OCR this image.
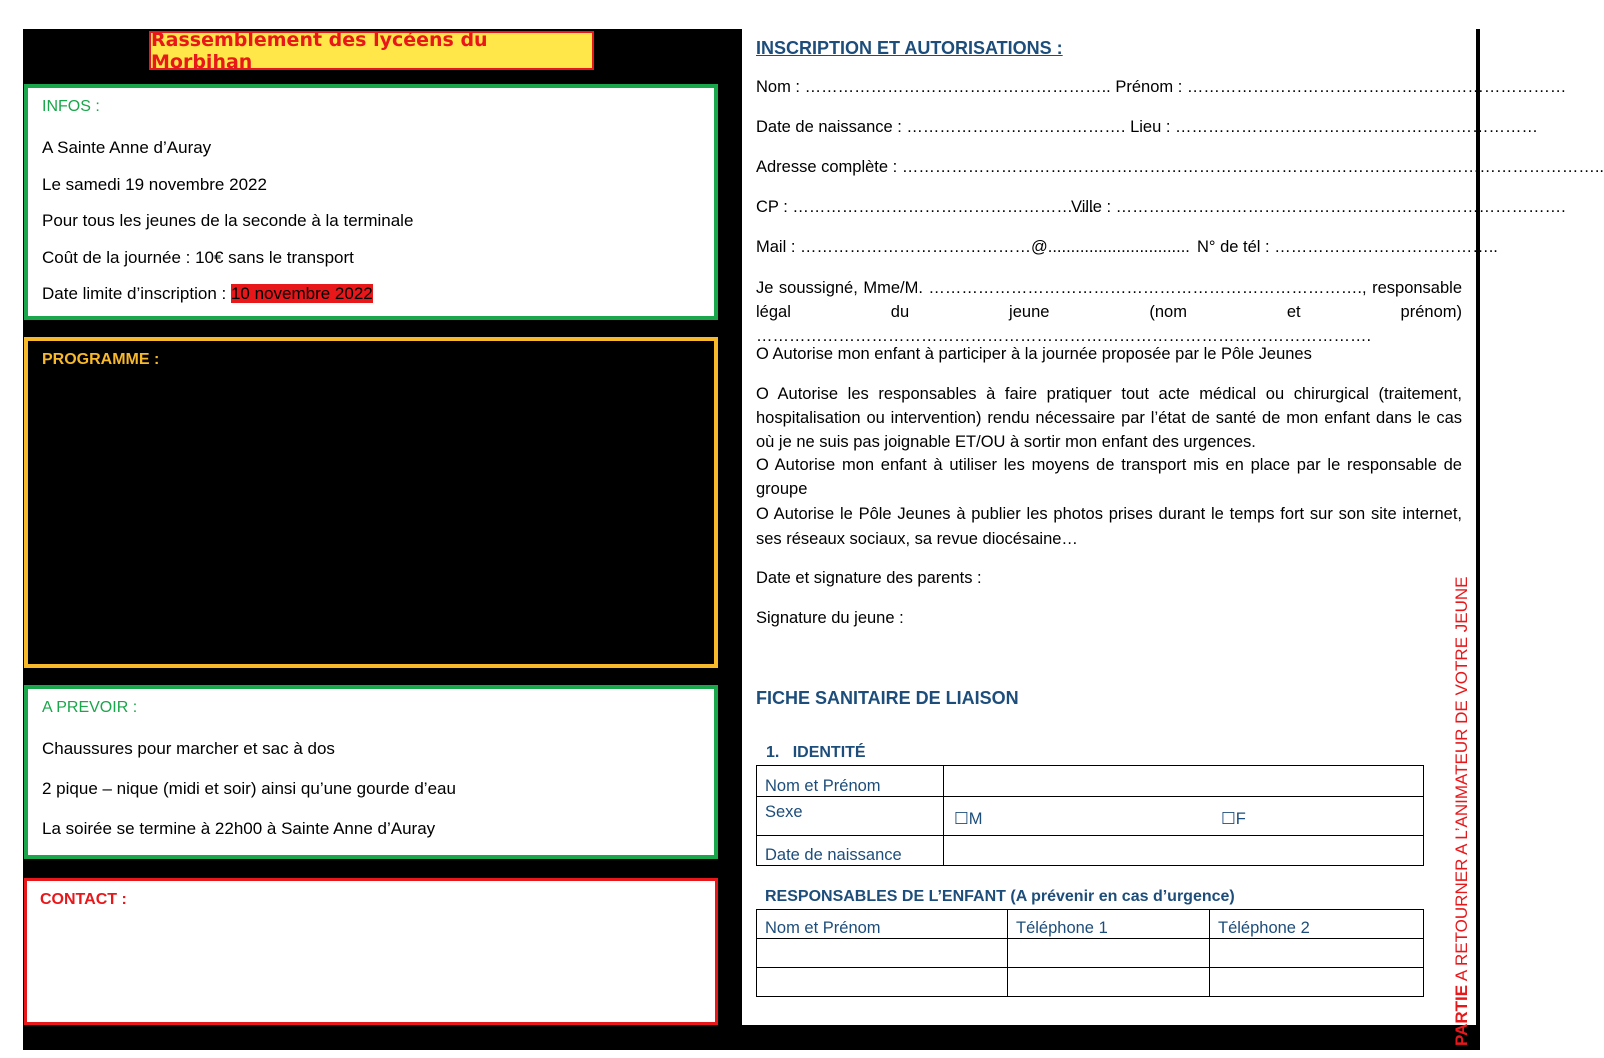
Rassemblement des lycéens du Morbihan
INFOS :
A Sainte Anne d’Auray
Le samedi 19 novembre 2022
Pour tous les jeunes de la seconde à la terminale
Coût de la journée : 10€ sans le transport
Date limite d’inscription : 10 novembre 2022
PROGRAMME :
A PREVOIR :
Chaussures pour marcher et sac à dos
2 pique – nique (midi et soir) ainsi qu’une gourde d’eau
La soirée se termine à 22h00 à Sainte Anne d’Auray
CONTACT :
INSCRIPTION ET AUTORISATIONS :
Nom : ……………………………………………….. Prénom : ……………………………………………………………
Date de naissance : …………………………………. Lieu : …………………………………………………………
Adresse complète : ………………………………………………………………………………………………………………..
CP : ……………………………………………….
Ville : ……………………………………………………………………….
Mail : ……………………………………@............................... N° de tél : …………………………………..
Je soussigné, Mme/M. ……………………………………………………………………., responsable légal du jeune (nom et prénom) ………………………………………………………………………………………………….
O Autorise mon enfant à participer à la journée proposée par le Pôle Jeunes
O Autorise les responsables à faire pratiquer tout acte médical ou chirurgical (traitement, hospitalisation ou intervention) rendu nécessaire par l’état de santé de mon enfant dans le cas où je ne suis pas joignable ET/OU à sortir mon enfant des urgences.
O Autorise mon enfant à utiliser les moyens de transport mis en place par le responsable de groupe
O Autorise le Pôle Jeunes à publier les photos prises durant le temps fort sur son site internet, ses réseaux sociaux, sa revue diocésaine…
Date et signature des parents :
Signature du jeune :
FICHE SANITAIRE DE LIAISON
1. IDENTITÉ
Nom et Prénom	
Sexe	☐M ☐F

Date de naissance	
RESPONSABLES DE L’ENFANT (A prévenir en cas d’urgence)
Nom et Prénom	Téléphone 1	Téléphone 2

PARTIE A RETOURNER A L’ANIMATEUR DE VOTRE JEUNE
